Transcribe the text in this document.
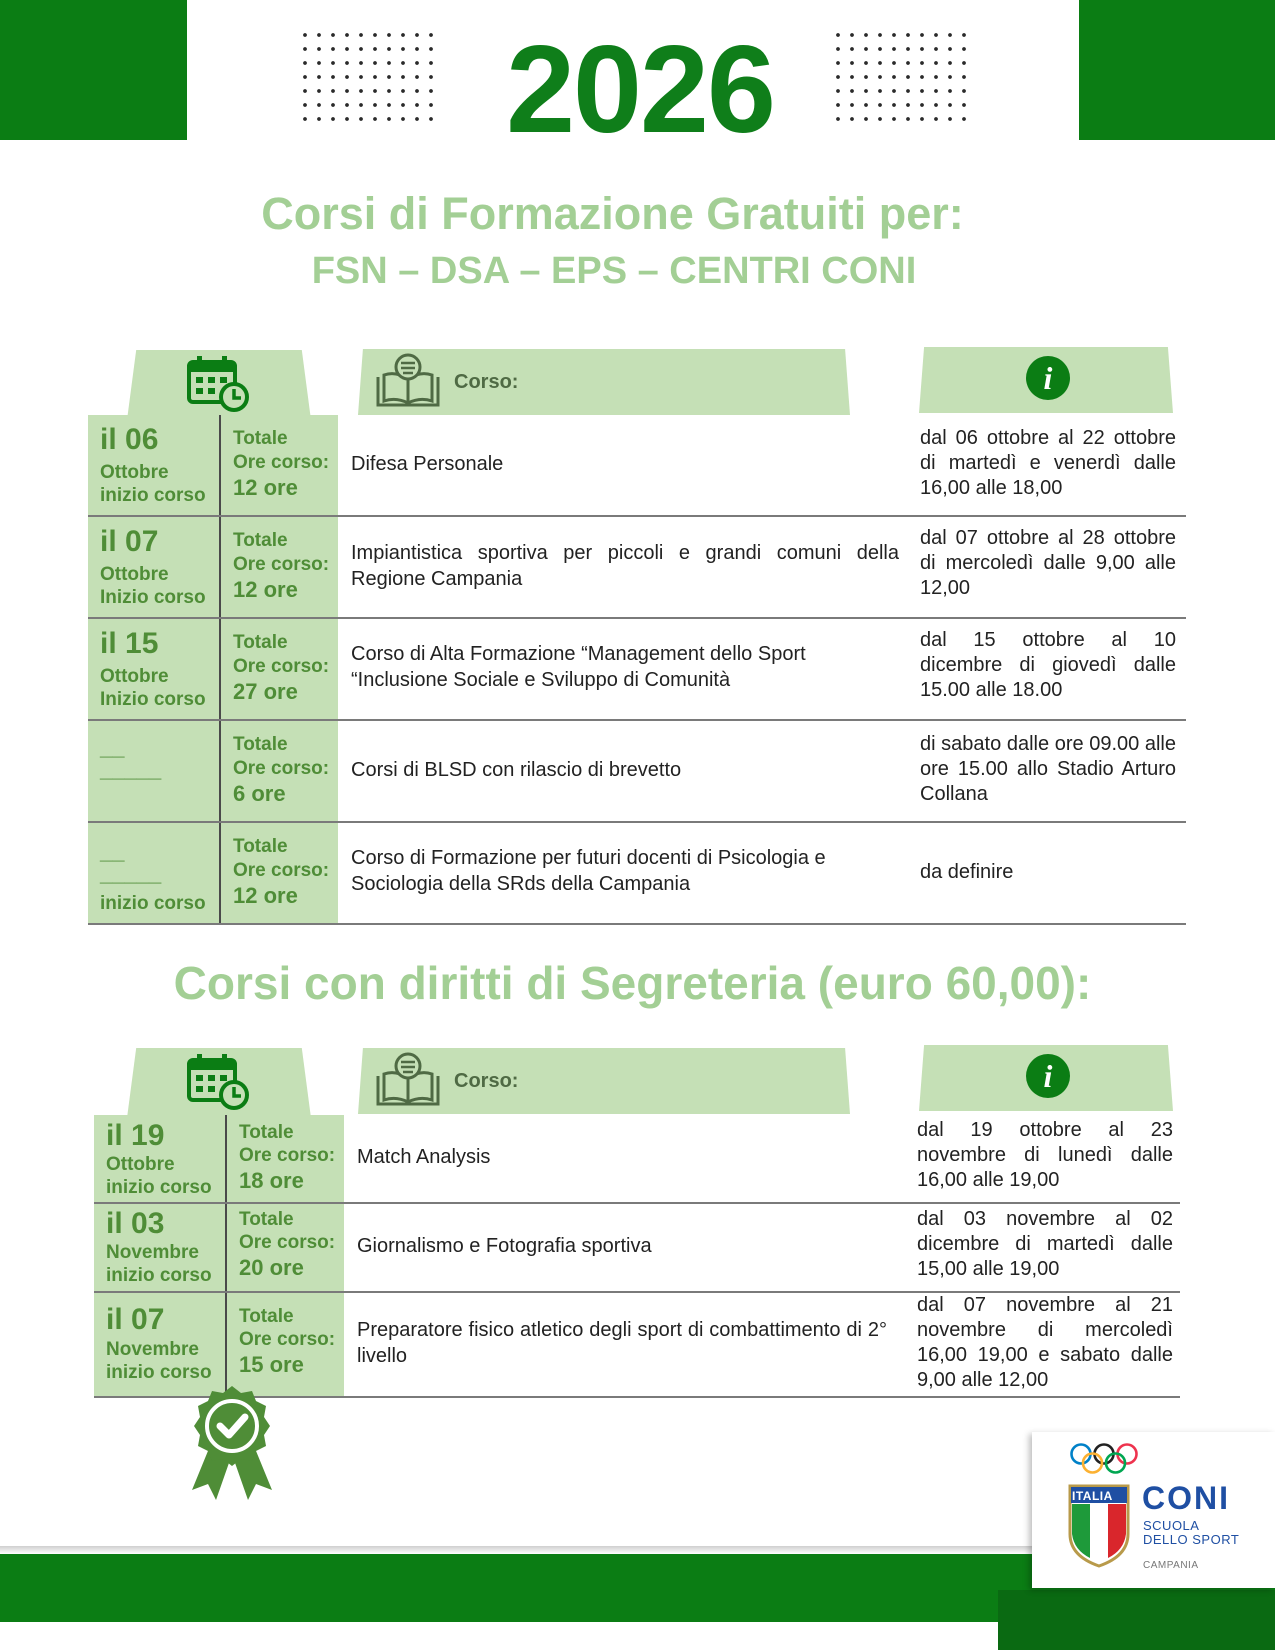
2026
Corsi di Formazione Gratuiti per:
FSN – DSA – EPS – CENTRI CONI
Corso:	i
il 06
Ottobre
inizio corso
Totale
Ore corso:
12 ore
Difesa Personale
dal 06 ottobre al 22 ottobre di martedì e venerdì dalle 16,00 alle 18,00
il 07
Ottobre
Inizio corso
Totale
Ore corso:
12 ore
Impiantistica sportiva per piccoli e grandi comuni della Regione Campania
dal 07 ottobre al 28 ottobre di mercoledì dalle 9,00 alle 12,00
il 15
Ottobre
Inizio corso
Totale
Ore corso:
27 ore
Corso di Alta Formazione “Management dello Sport “Inclusione Sociale e Sviluppo di Comunità
dal 15 ottobre al 10 dicembre di giovedì dalle 15.00 alle 18.00
__
_____
Totale
Ore corso:
6 ore
Corsi di BLSD con rilascio di brevetto
di sabato dalle ore 09.00 alle ore 15.00 allo Stadio Arturo Collana
__
_____
inizio corso
Totale
Ore corso:
12 ore
Corso di Formazione per futuri docenti di Psicologia e Sociologia della SRds della Campania
da definire
Corsi con diritti di Segreteria (euro 60,00):
Corso:	i
il 19
Ottobre
inizio corso
Totale
Ore corso:
18 ore
Match Analysis
dal 19 ottobre al 23 novembre di lunedì dalle 16,00 alle 19,00
il 03
Novembre
inizio corso
Totale
Ore corso:
20 ore
Giornalismo e Fotografia sportiva
dal 03 novembre al 02 dicembre di martedì dalle 15,00 alle 19,00
il 07
Novembre
inizio corso
Totale
Ore corso:
15 ore
Preparatore fisico atletico degli sport di combattimento di 2° livello
dal 07 novembre al 21 novembre di mercoledì 16,00 19,00 e sabato dalle 9,00 alle 12,00
ITALIA CONI
SCUOLA
DELLO SPORT
CAMPANIA
